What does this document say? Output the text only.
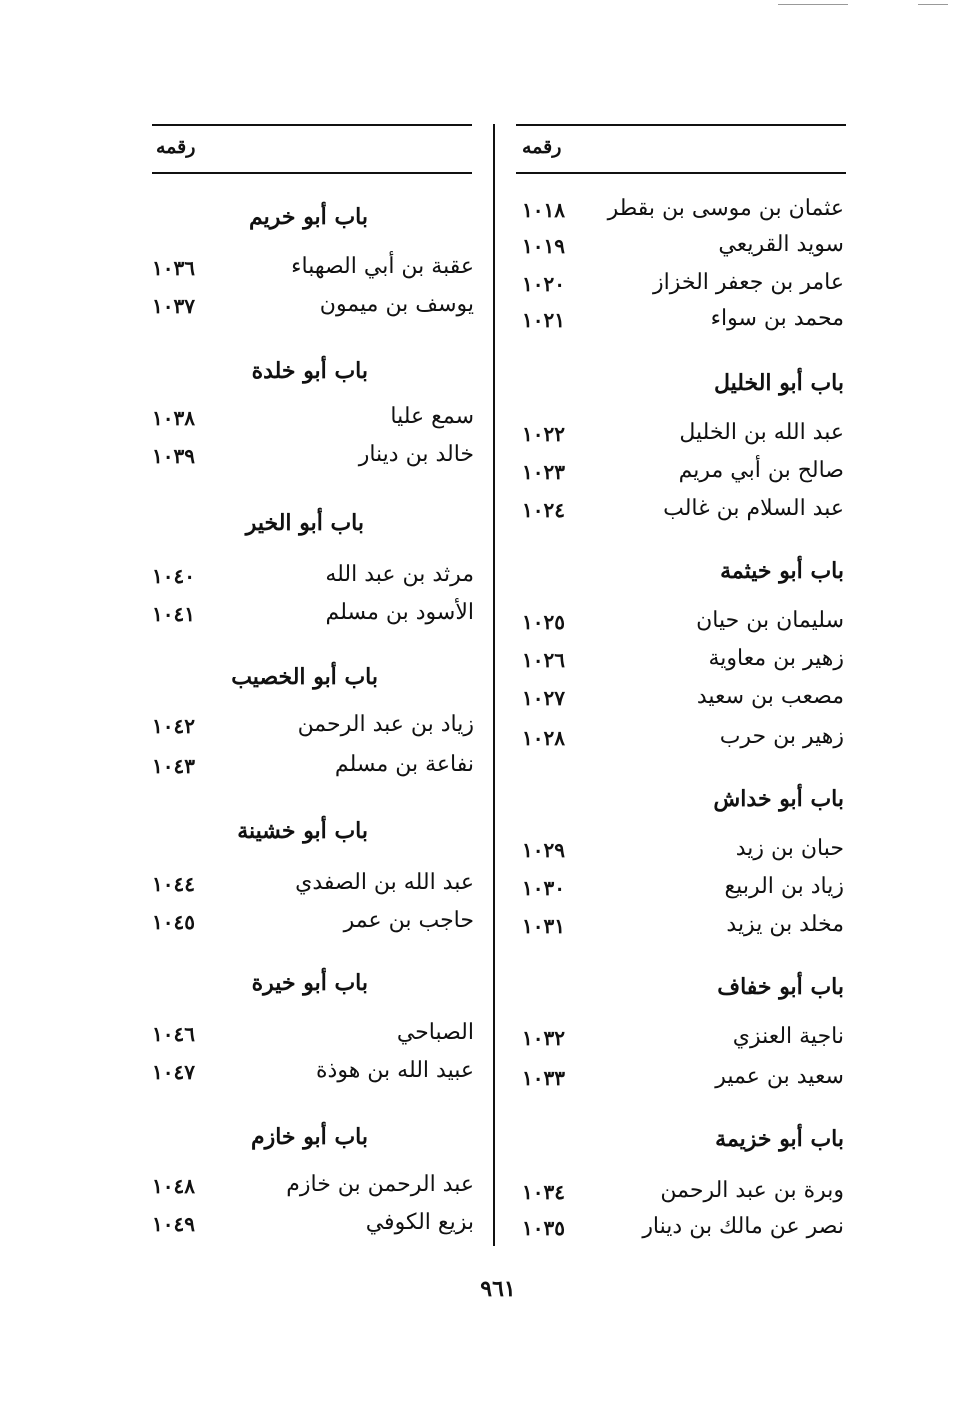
رقمه
رقمه
عثمان بن موسى بن بقطر
١٠١٨
سويد القريعي
١٠١٩
عامر بن جعفر الخزاز
١٠٢٠
محمد بن سواء
١٠٢١
باب أبو الخليل
عبد الله بن الخليل
١٠٢٢
صالح بن أبي مريم
١٠٢٣
عبد السلام بن غالب
١٠٢٤
باب أبو خيثمة
سليمان بن حيان
١٠٢٥
زهير بن معاوية
١٠٢٦
مصعب بن سعيد
١٠٢٧
زهير بن حرب
١٠٢٨
باب أبو خداش
حبان بن زيد
١٠٢٩
زياد بن الربيع
١٠٣٠
مخلد بن يزيد
١٠٣١
باب أبو خفاف
ناجية العنزي
١٠٣٢
سعيد بن عمير
١٠٣٣
باب أبو خزيمة
وبرة بن عبد الرحمن
١٠٣٤
نصر عن مالك بن دينار
١٠٣٥
باب أبو خريم
عقبة بن أبي الصهباء
١٠٣٦
يوسف بن ميمون
١٠٣٧
باب أبو خلدة
سمع عليا
١٠٣٨
خالد بن دينار
١٠٣٩
باب أبو الخير
مرثد بن عبد الله
١٠٤٠
الأسود بن مسلم
١٠٤١
باب أبو الخصيب
زياد بن عبد الرحمن
١٠٤٢
نفاعة بن مسلم
١٠٤٣
باب أبو خشينة
عبد الله بن الصفدي
١٠٤٤
حاجب بن عمر
١٠٤٥
باب أبو خيرة
الصباحي
١٠٤٦
عبيد الله بن هوذة
١٠٤٧
باب أبو خازم
عبد الرحمن بن خازم
١٠٤٨
بزيع الكوفي
١٠٤٩
٩٦١
